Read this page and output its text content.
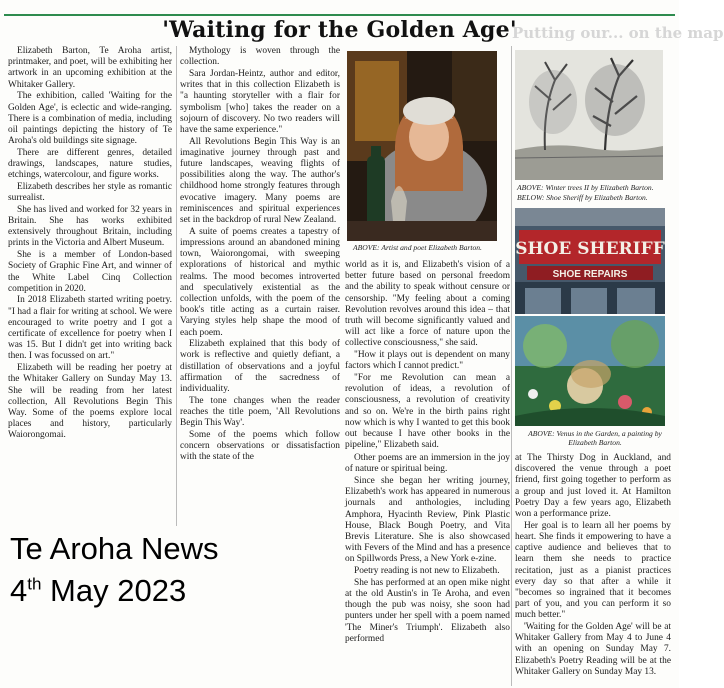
Putting our... on the map
'Waiting for the Golden Age'

Elizabeth Barton, Te Aroha artist, printmaker, and poet, will be exhibiting her artwork in an upcoming exhibition at the Whitaker Gallery.

The exhibition, called 'Waiting for the Golden Age', is eclectic and wide-ranging. There is a combination of media, including oil paintings depicting the history of Te Aroha's old buildings site signage.

There are different genres, detailed drawings, landscapes, nature studies, etchings, watercolour, and figure works.

Elizabeth describes her style as romantic surrealist.

She has lived and worked for 32 years in Britain. She has works exhibited extensively throughout Britain, including prints in the Victoria and Albert Museum.

She is a member of London-based Society of Graphic Fine Art, and winner of the White Label Cinq Collection competition in 2020.

In 2018 Elizabeth started writing poetry. "I had a flair for writing at school. We were encouraged to write poetry and I got a certificate of excellence for poetry when I was 15. But I didn't get into writing back then. I was focussed on art."

Elizabeth will be reading her poetry at the Whitaker Gallery on Sunday May 13. She will be reading from her latest collection, All Revolutions Begin This Way. Some of the poems explore local places and history, particularly Waiorongomai.

Mythology is woven through the collection.

Sara Jordan-Heintz, author and editor, writes that in this collection Elizabeth is "a haunting storyteller with a flair for symbolism [who] takes the reader on a sojourn of discovery. No two readers will have the same experience."

All Revolutions Begin This Way is an imaginative journey through past and future landscapes, weaving flights of possibilities along the way. The author's childhood home strongly features through evocative imagery. Many poems are reminiscences and spiritual experiences set in the backdrop of rural New Zealand.

A suite of poems creates a tapestry of impressions around an abandoned mining town, Waiorongomai, with sweeping explorations of historical and mythic realms. The mood becomes introverted and speculatively existential as the collection unfolds, with the poem of the book's title acting as a curtain raiser. Varying styles help shape the mood of each poem.

Elizabeth explained that this body of work is reflective and quietly defiant, a distillation of observations and a joyful affirmation of the sacredness of individuality.

The tone changes when the reader reaches the title poem, 'All Revolutions Begin This Way'.

Some of the poems which follow concern observations or dissatisfaction with the state of the

ABOVE: Artist and poet Elizabeth Barton.

world as it is, and Elizabeth's vision of a better future based on personal freedom and the ability to speak without censure or censorship. "My feeling about a coming Revolution revolves around this idea – that truth will become significantly valued and will act like a force of nature upon the collective consciousness," she said.

"How it plays out is dependent on many factors which I cannot predict."

"For me Revolution can mean a revolution of ideas, a revolution of consciousness, a revolution of creativity and so on. We're in the birth pains right now which is why I wanted to get this book out because I have other books in the pipeline," Elizabeth said.

Other poems are an immersion in the joy of nature or spiritual being.

Since she began her writing journey, Elizabeth's work has appeared in numerous journals and anthologies, including Amphora, Hyacinth Review, Pink Plastic House, Black Bough Poetry, and Vita Brevis Literature. She is also showcased with Fevers of the Mind and has a presence on Spillwords Press, a New York e-zine.

Poetry reading is not new to Elizabeth.

She has performed at an open mike night at the old Austin's in Te Aroha, and even though the pub was noisy, she soon had punters under her spell with a poem named 'The Miner's Triumph'. Elizabeth also performed

ABOVE: Winter trees II by Elizabeth Barton.
BELOW: Shoe Sheriff by Elizabeth Barton.
SHOE SHERIFF
SHOE REPAIRS
ABOVE: Venus in the Garden, a painting by Elizabeth Barton.

at The Thirsty Dog in Auckland, and discovered the venue through a poet friend, first going together to perform as a group and just loved it. At Hamilton Poetry Day a few years ago, Elizabeth won a performance prize.

Her goal is to learn all her poems by heart. She finds it empowering to have a captive audience and believes that to learn them she needs to practice recitation, just as a pianist practices every day so that after a while it "becomes so ingrained that it becomes part of you, and you can perform it so much better."

'Waiting for the Golden Age' will be at Whitaker Gallery from May 4 to June 4 with an opening on Sunday May 7. Elizabeth's Poetry Reading will be at the Whitaker Gallery on Sunday May 13.

Te Aroha News
4th May 2023
